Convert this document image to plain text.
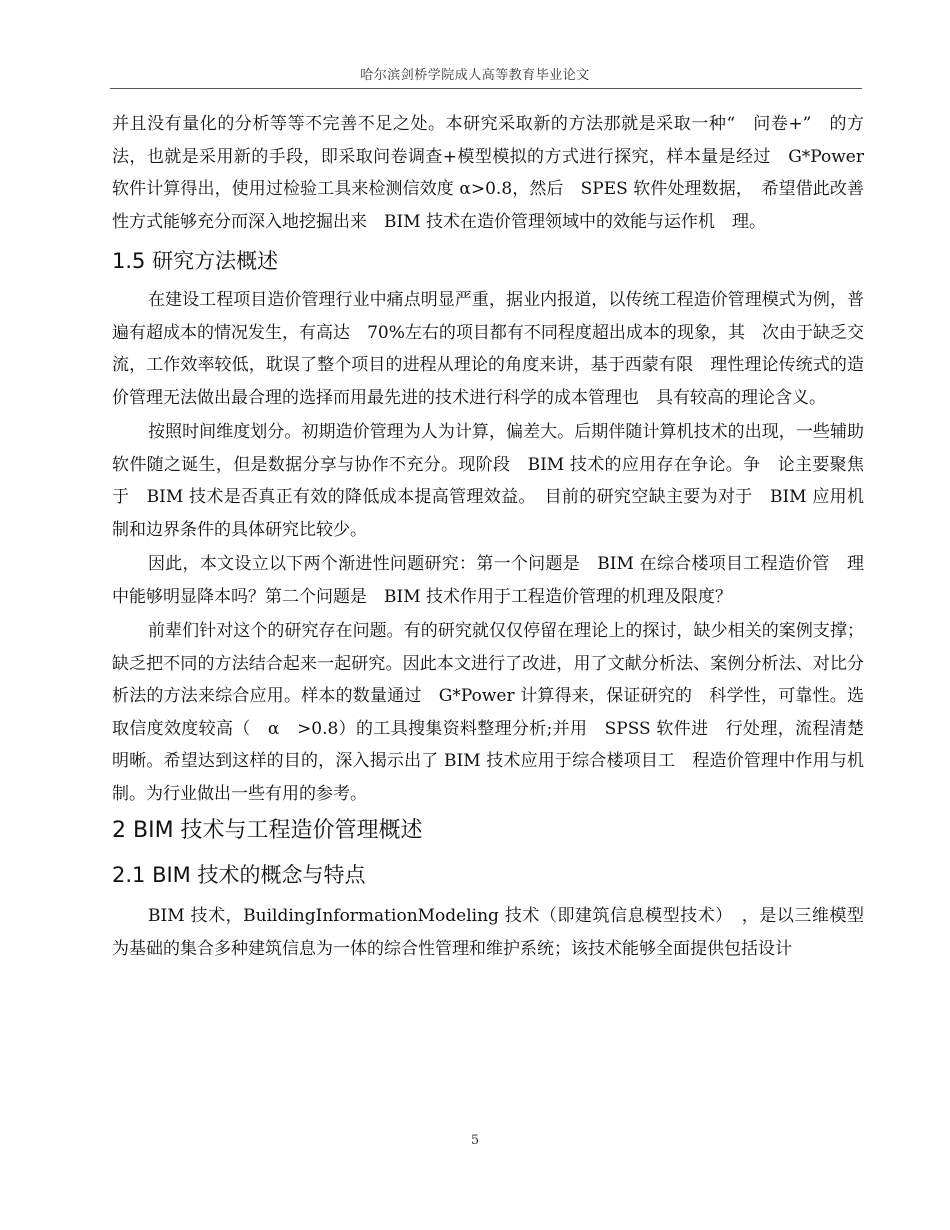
哈尔滨剑桥学院成人高等教育毕业论文

并且没有量化的分析等等不完善不足之处。本研究采取新的方法那就是采取一种“　问卷+”　的方法，也就是采用新的手段，即采取问卷调查+模型模拟的方式进行探究，样本量是经过　G*Power 软件计算得出，使用过检验工具来检测信效度 α>0.8，然后　SPES 软件处理数据，　希望借此改善性方式能够充分而深入地挖掘出来　BIM 技术在造价管理领域中的效能与运作机　理。

1.5 研究方法概述

在建设工程项目造价管理行业中痛点明显严重，据业内报道，以传统工程造价管理模式为例，普遍有超成本的情况发生，有高达　70%左右的项目都有不同程度超出成本的现象，其　次由于缺乏交流，工作效率较低，耽误了整个项目的进程从理论的角度来讲，基于西蒙有限　理性理论传统式的造价管理无法做出最合理的选择而用最先进的技术进行科学的成本管理也　具有较高的理论含义。

按照时间维度划分。初期造价管理为人为计算，偏差大。后期伴随计算机技术的出现，一些辅助软件随之诞生，但是数据分享与协作不充分。现阶段　BIM 技术的应用存在争论。争　论主要聚焦于　BIM 技术是否真正有效的降低成本提高管理效益。　目前的研究空缺主要为对于　BIM 应用机制和边界条件的具体研究比较少。

因此，本文设立以下两个渐进性问题研究：第一个问题是　BIM 在综合楼项目工程造价管　理中能够明显降本吗？第二个问题是　BIM 技术作用于工程造价管理的机理及限度？

前辈们针对这个的研究存在问题。有的研究就仅仅停留在理论上的探讨，缺少相关的案例支撑；缺乏把不同的方法结合起来一起研究。因此本文进行了改进，用了文献分析法、案例分析法、对比分析法的方法来综合应用。样本的数量通过　G*Power 计算得来，保证研究的　科学性，可靠性。选取信度效度较高（　α　>0.8）的工具搜集资料整理分析;并用　SPSS 软件进　行处理，流程清楚明晰。希望达到这样的目的，深入揭示出了 BIM 技术应用于综合楼项目工　程造价管理中作用与机制。为行业做出一些有用的参考。

2 BIM 技术与工程造价管理概述
2.1 BIM 技术的概念与特点

BIM 技术，BuildingInformationModeling 技术（即建筑信息模型技术）　，是以三维模型　为基础的集合多种建筑信息为一体的综合性管理和维护系统；该技术能够全面提供包括设计

5
